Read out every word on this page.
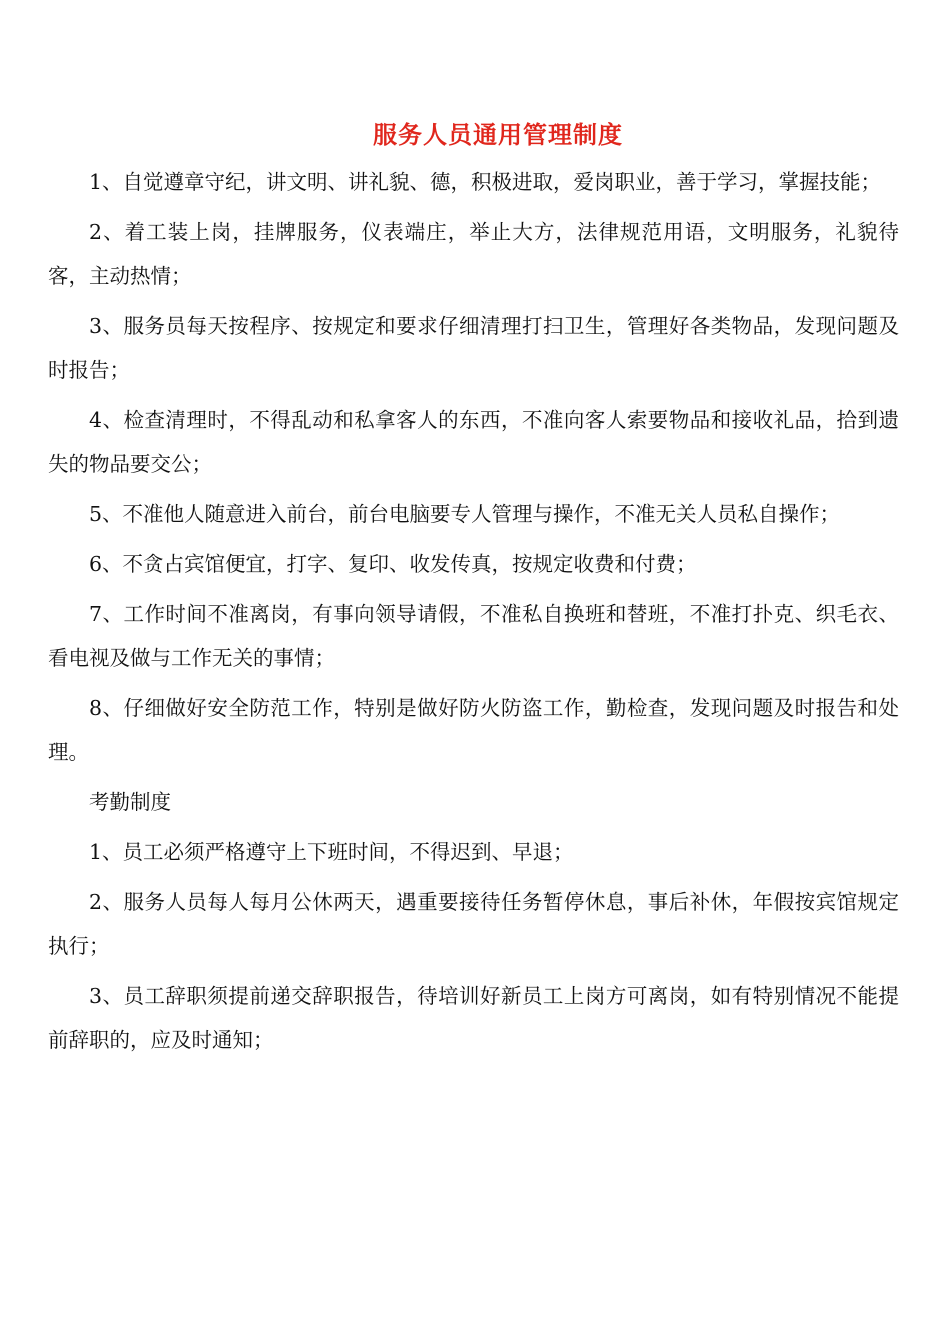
服务人员通用管理制度

1、自觉遵章守纪，讲文明、讲礼貌、德，积极进取，爱岗职业，善于学习，掌握技能；

2、着工装上岗，挂牌服务，仪表端庄，举止大方，法律规范用语，文明服务，礼貌待客，主动热情；

3、服务员每天按程序、按规定和要求仔细清理打扫卫生，管理好各类物品，发现问题及时报告；

4、检查清理时，不得乱动和私拿客人的东西，不准向客人索要物品和接收礼品，拾到遗失的物品要交公；

5、不准他人随意进入前台，前台电脑要专人管理与操作，不准无关人员私自操作；

6、不贪占宾馆便宜，打字、复印、收发传真，按规定收费和付费；

7、工作时间不准离岗，有事向领导请假，不准私自换班和替班，不准打扑克、织毛衣、看电视及做与工作无关的事情；

8、仔细做好安全防范工作，特别是做好防火防盗工作，勤检查，发现问题及时报告和处理。

考勤制度

1、员工必须严格遵守上下班时间，不得迟到、早退；

2、服务人员每人每月公休两天，遇重要接待任务暂停休息，事后补休，年假按宾馆规定执行；

3、员工辞职须提前递交辞职报告，待培训好新员工上岗方可离岗，如有特别情况不能提前辞职的，应及时通知；
